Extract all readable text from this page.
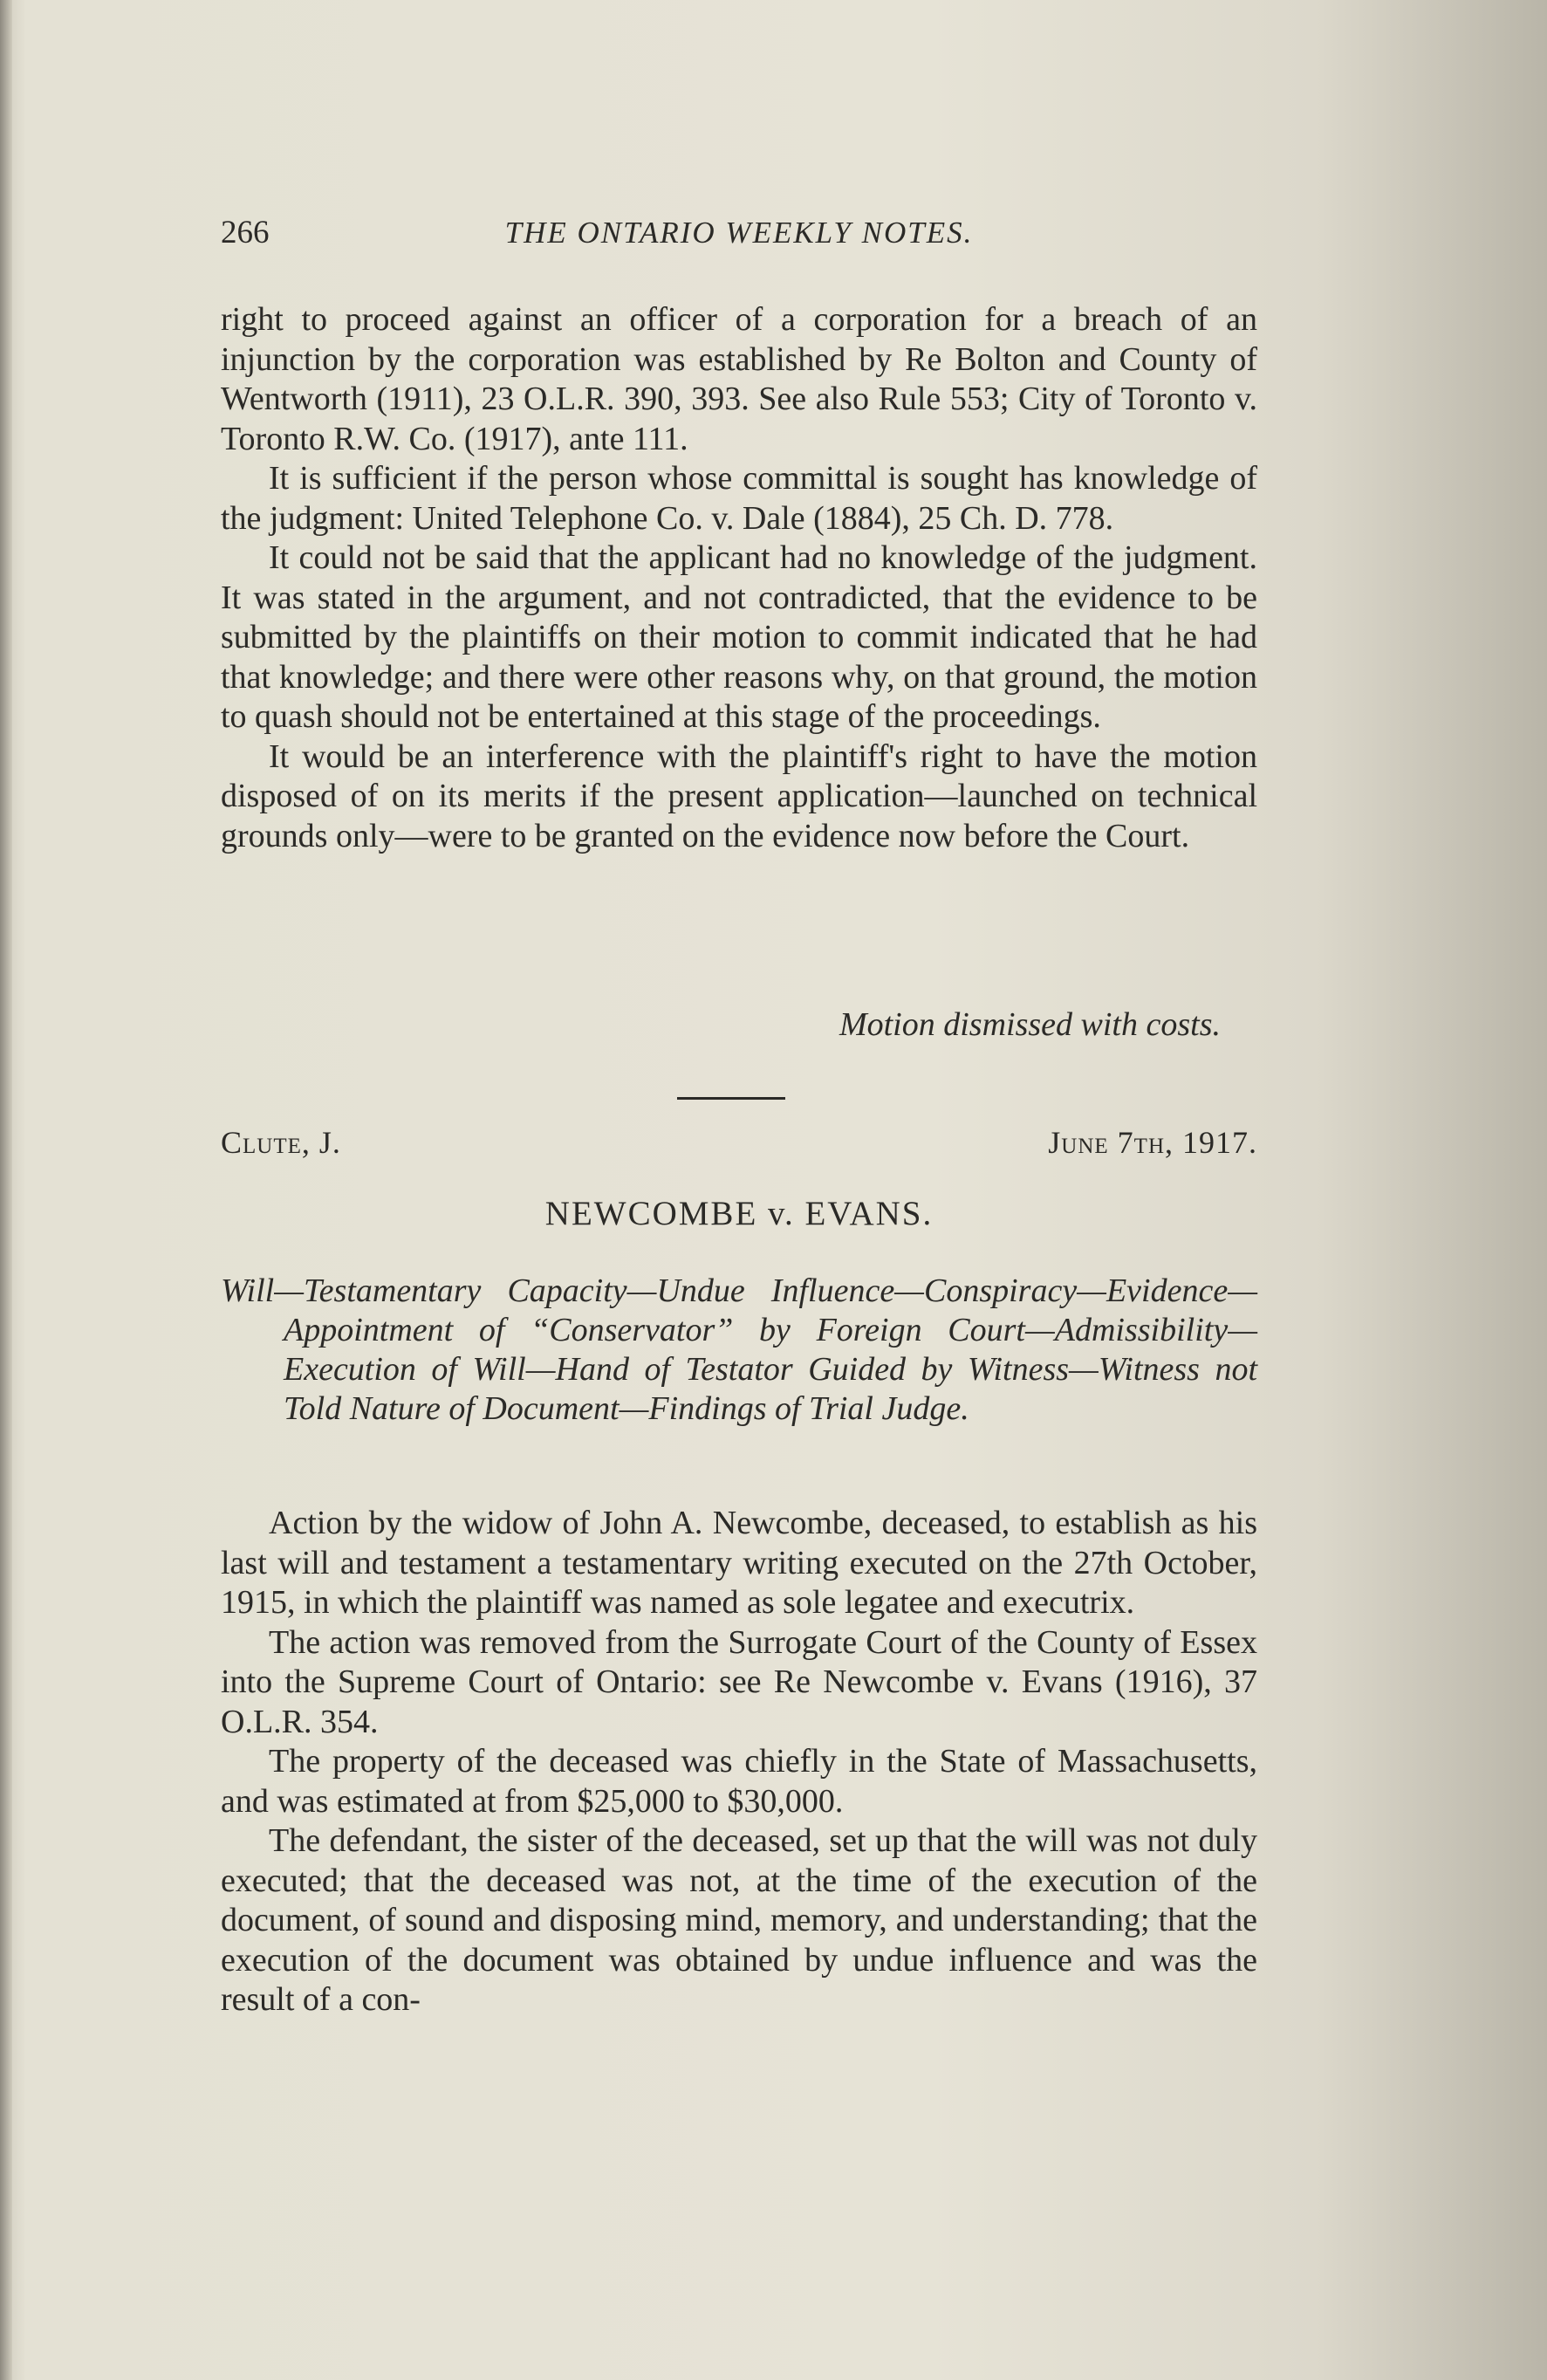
266	THE ONTARIO WEEKLY NOTES.

right to proceed against an officer of a corporation for a breach of an injunction by the corporation was established by Re Bolton and County of Wentworth (1911), 23 O.L.R. 390, 393. See also Rule 553; City of Toronto v. Toronto R.W. Co. (1917), ante 111.

It is sufficient if the person whose committal is sought has knowledge of the judgment: United Telephone Co. v. Dale (1884), 25 Ch. D. 778.

It could not be said that the applicant had no knowledge of the judgment. It was stated in the argument, and not contradicted, that the evidence to be submitted by the plaintiffs on their motion to commit indicated that he had that knowledge; and there were other reasons why, on that ground, the motion to quash should not be entertained at this stage of the proceedings.

It would be an interference with the plaintiff's right to have the motion disposed of on its merits if the present application—launched on technical grounds only—were to be granted on the evidence now before the Court.

Motion dismissed with costs.
Clute, J.	June 7th, 1917.
NEWCOMBE v. EVANS.
Will—Testamentary Capacity—Undue Influence—Conspiracy—Evidence—Appointment of “Conservator” by Foreign Court—Admissibility—Execution of Will—Hand of Testator Guided by Witness—Witness not Told Nature of Document—Findings of Trial Judge.

Action by the widow of John A. Newcombe, deceased, to establish as his last will and testament a testamentary writing executed on the 27th October, 1915, in which the plaintiff was named as sole legatee and executrix.

The action was removed from the Surrogate Court of the County of Essex into the Supreme Court of Ontario: see Re Newcombe v. Evans (1916), 37 O.L.R. 354.

The property of the deceased was chiefly in the State of Massachusetts, and was estimated at from $25,000 to $30,000.

The defendant, the sister of the deceased, set up that the will was not duly executed; that the deceased was not, at the time of the execution of the document, of sound and disposing mind, memory, and understanding; that the execution of the document was obtained by undue influence and was the result of a con-
